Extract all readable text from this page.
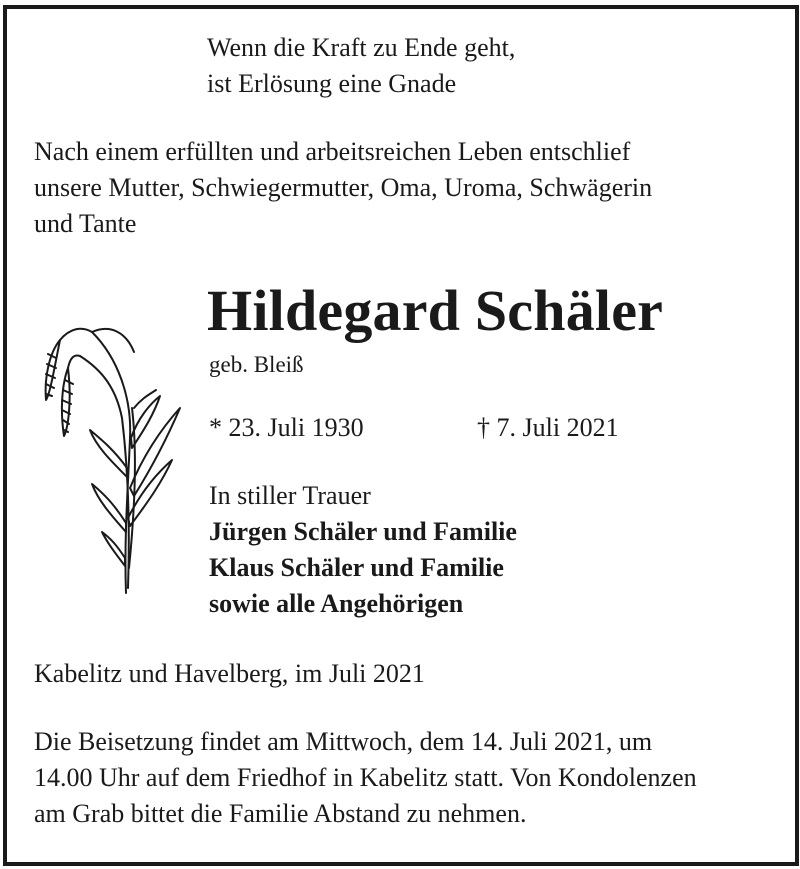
Wenn die Kraft zu Ende geht,
ist Erlösung eine Gnade
Nach einem erfüllten und arbeitsreichen Leben entschlief
unsere Mutter, Schwiegermutter, Oma, Uroma, Schwägerin
und Tante
Hildegard Schäler
geb. Bleiß
* 23. Juli 1930	† 7. Juli 2021
In stiller Trauer
Jürgen Schäler und Familie
Klaus Schäler und Familie
sowie alle Angehörigen
Kabelitz und Havelberg, im Juli 2021
Die Beisetzung findet am Mittwoch, dem 14. Juli 2021, um
14.00 Uhr auf dem Friedhof in Kabelitz statt. Von Kondolenzen
am Grab bittet die Familie Abstand zu nehmen.
